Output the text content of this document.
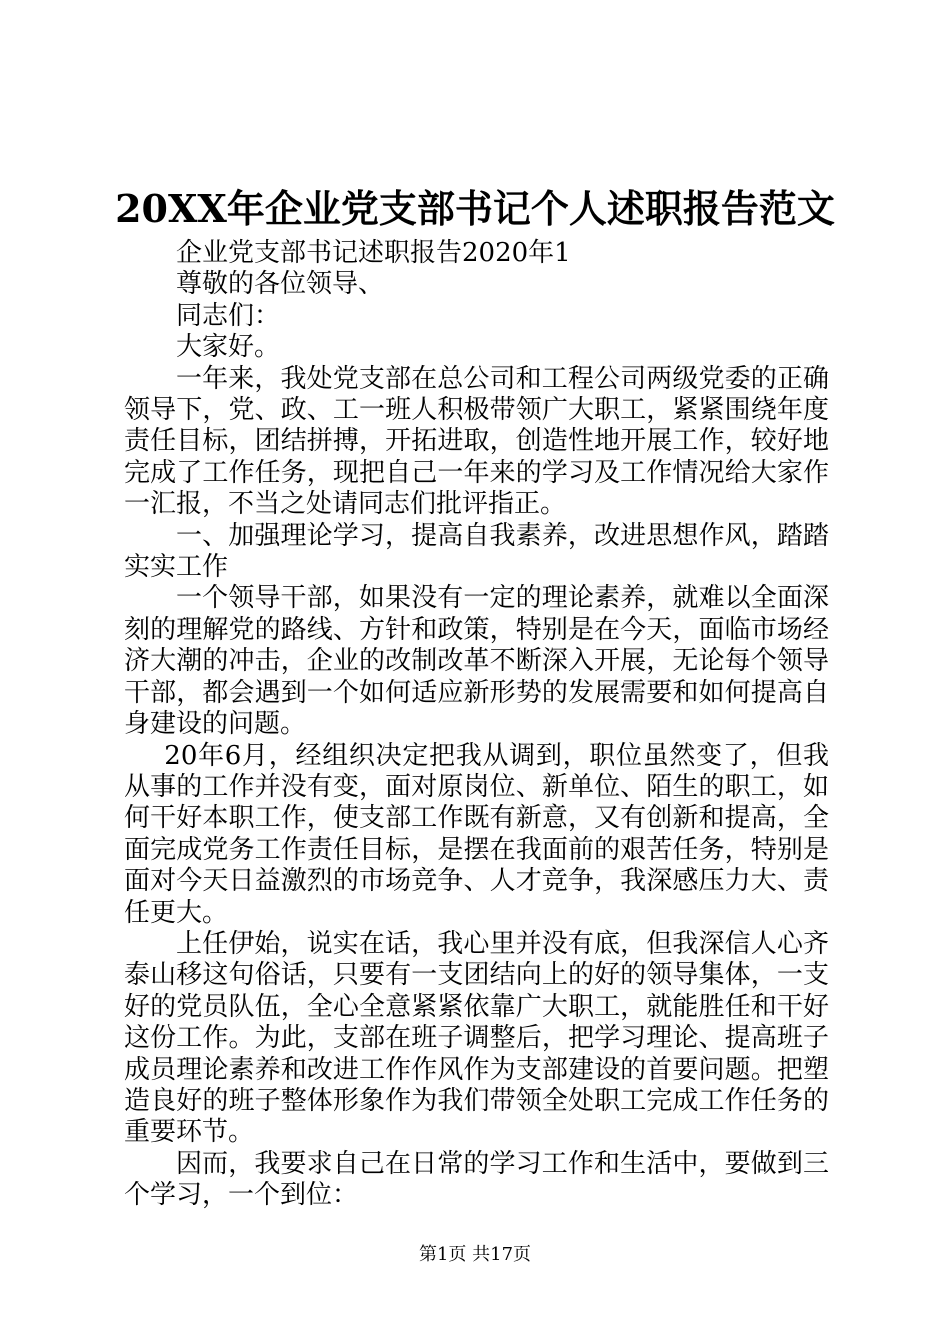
20XX年企业党支部书记个人述职报告范文

企业党支部书记述职报告2020年1

尊敬的各位领导、

同志们：

大家好。

一年来，我处党支部在总公司和工程公司两级党委的正确领导下，党、政、工一班人积极带领广大职工，紧紧围绕年度责任目标，团结拼搏，开拓进取，创造性地开展工作，较好地完成了工作任务，现把自己一年来的学习及工作情况给大家作一汇报，不当之处请同志们批评指正。

一、加强理论学习，提高自我素养，改进思想作风，踏踏实实工作

一个领导干部，如果没有一定的理论素养，就难以全面深刻的理解党的路线、方针和政策，特别是在今天，面临市场经济大潮的冲击，企业的改制改革不断深入开展，无论每个领导干部，都会遇到一个如何适应新形势的发展需要和如何提高自身建设的问题。

20年6月，经组织决定把我从调到，职位虽然变了，但我从事的工作并没有变，面对原岗位、新单位、陌生的职工，如何干好本职工作，使支部工作既有新意，又有创新和提高，全面完成党务工作责任目标，是摆在我面前的艰苦任务，特别是面对今天日益激烈的市场竞争、人才竞争，我深感压力大、责任更大。

上任伊始，说实在话，我心里并没有底，但我深信人心齐泰山移这句俗话，只要有一支团结向上的好的领导集体，一支好的党员队伍，全心全意紧紧依靠广大职工，就能胜任和干好这份工作。为此，支部在班子调整后，把学习理论、提高班子成员理论素养和改进工作作风作为支部建设的首要问题。把塑造良好的班子整体形象作为我们带领全处职工完成工作任务的重要环节。

因而，我要求自己在日常的学习工作和生活中，要做到三个学习，一个到位：

第1页 共17页
